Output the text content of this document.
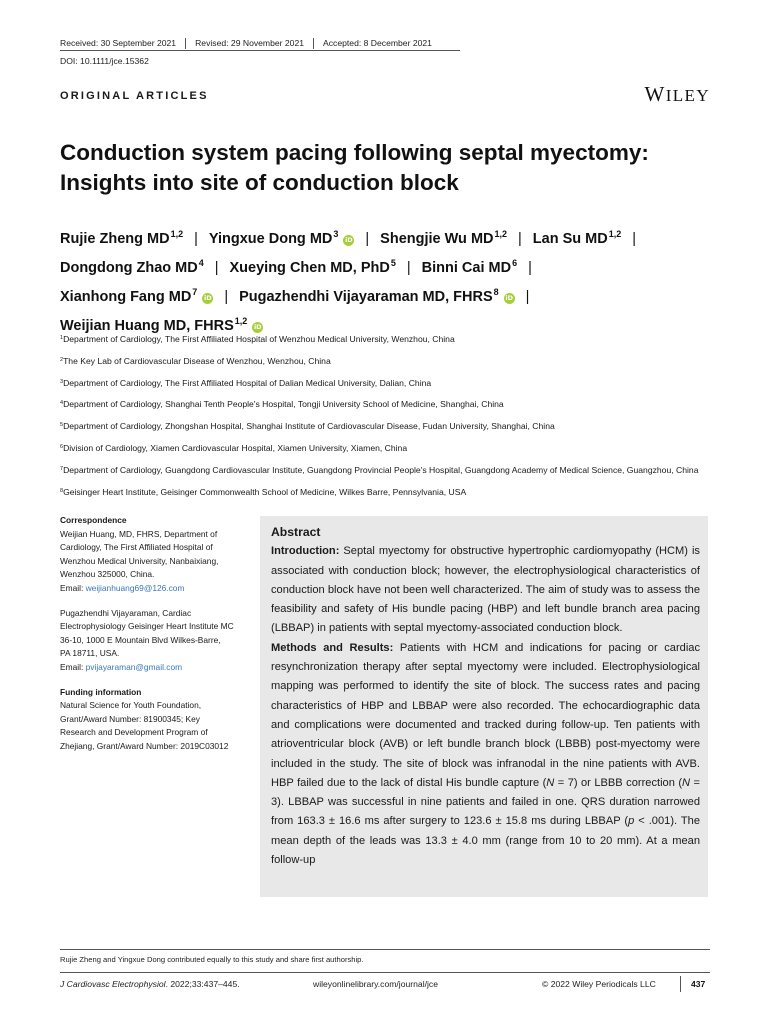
Received: 30 September 2021 Revised: 29 November 2021 Accepted: 8 December 2021
DOI: 10.1111/jce.15362
ORIGINAL ARTICLES	WILEY
Conduction system pacing following septal myectomy:
Insights into site of conduction block
Rujie Zheng MD$^{1,2}$ | Yingxue Dong $MD^3iD$ | Shengjie Wu MD$^{1,2}$ | Lan Su MD$^{1,2}$ |
Dongdong Zhao $MD^4$ | Xueying Chen MD, PhD$^5$ | Binni Cai $MD^6$ |
Xianhong Fang $MD^7iD$ | Pugazhendhi Vijayaraman MD, FHRS$^8$iD |
Weijian Huang MD, FHRS$^{1,2}$iD
$^1$Department of Cardiology, The First Affiliated Hospital of Wenzhou Medical University, Wenzhou, China
$^2$The Key Lab of Cardiovascular Disease of Wenzhou, Wenzhou, China
$^3$Department of Cardiology, The First Affiliated Hospital of Dalian Medical University, Dalian, China
$^4$Department of Cardiology, Shanghai Tenth People's Hospital, Tongji University School of Medicine, Shanghai, China
$^5$Department of Cardiology, Zhongshan Hospital, Shanghai Institute of Cardiovascular Disease, Fudan University, Shanghai, China
$^6$Division of Cardiology, Xiamen Cardiovascular Hospital, Xiamen University, Xiamen, China
$^7$Department of Cardiology, Guangdong Cardiovascular Institute, Guangdong Provincial People's Hospital, Guangdong Academy of Medical Science, Guangzhou, China
$^8$Geisinger Heart Institute, Geisinger Commonwealth School of Medicine, Wilkes Barre, Pennsylvania, USA
Correspondence
Weijian Huang, MD, FHRS, Department of
Cardiology, The First Affiliated Hospital of
Wenzhou Medical University, Nanbaixiang,
Wenzhou 325000, China.
Email: weijianhuang69@126.com
Pugazhendhi Vijayaraman, Cardiac
Electrophysiology Geisinger Heart Institute MC
36-10, 1000 E Mountain Blvd Wilkes-Barre,
PA 18711, USA.
Email: pvijayaraman@gmail.com
Funding information
Natural Science for Youth Foundation,
Grant/Award Number: 81900345; Key
Research and Development Program of
Zhejiang, Grant/Award Number: 2019C03012
Abstract

Introduction: Septal myectomy for obstructive hypertrophic cardiomyopathy (HCM) is associated with conduction block; however, the electrophysiological characteristics of conduction block have not been well characterized. The aim of study was to assess the feasibility and safety of His bundle pacing (HBP) and left bundle branch area pacing (LBBAP) in patients with septal myectomy-associated conduction block.

Methods and Results: Patients with HCM and indications for pacing or cardiac resynchronization therapy after septal myectomy were included. Electrophysiological mapping was performed to identify the site of block. The success rates and pacing characteristics of HBP and LBBAP were also recorded. The echocardiographic data and complications were documented and tracked during follow-up. Ten patients with atrioventricular block (AVB) or left bundle branch block (LBBB) post-myectomy were included in the study. The site of block was infranodal in the nine patients with AVB. HBP failed due to the lack of distal His bundle capture (N = 7) or LBBB correction (N = 3). LBBAP was successful in nine patients and failed in one. QRS duration narrowed from 163.3 ± 16.6 ms after surgery to 123.6 ± 15.8 ms during LBBAP (p < .001). The mean depth of the leads was 13.3 ± 4.0 mm (range from 10 to 20 mm). At a mean follow-up

Rujie Zheng and Yingxue Dong contributed equally to this study and share first authorship.
J Cardiovasc Electrophysiol. 2022;33:437–445.	wileyonlinelibrary.com/journal/jce	© 2022 Wiley Periodicals LLC	437
